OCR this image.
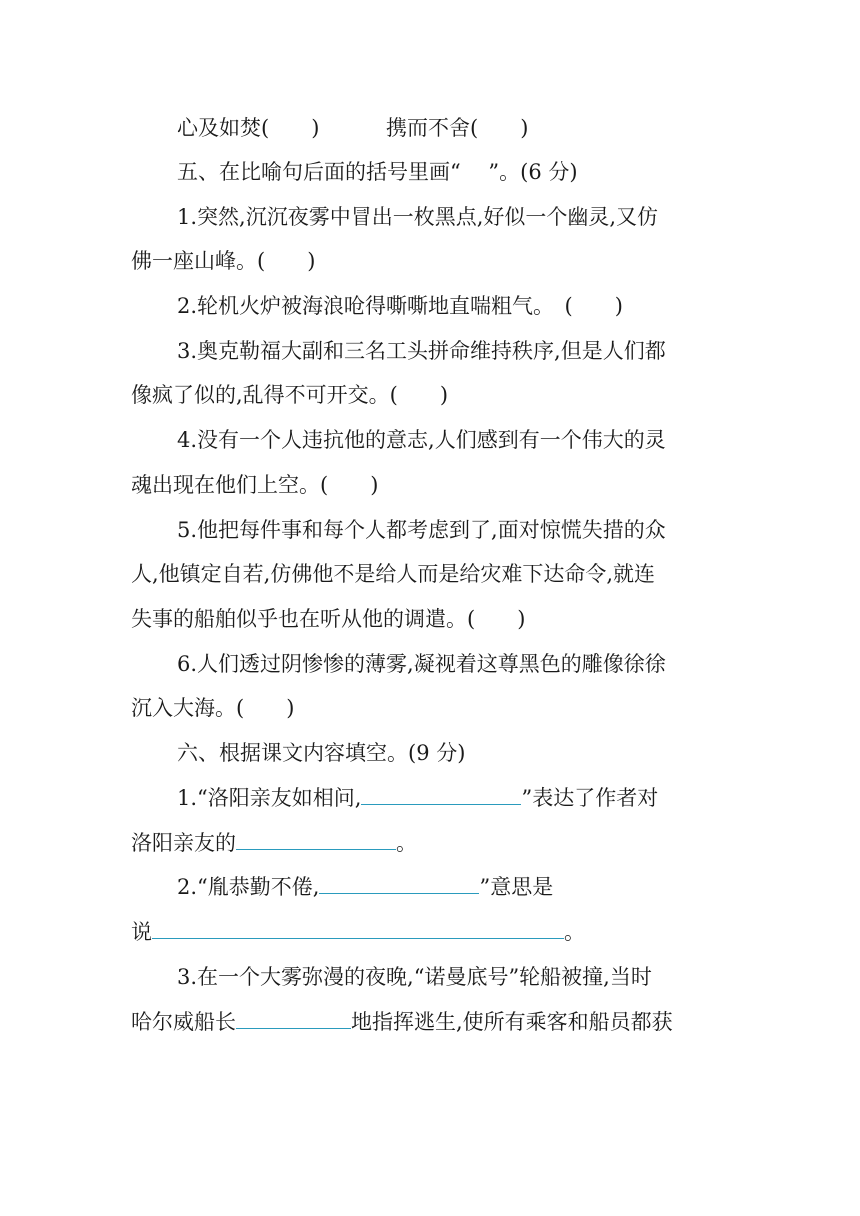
心及如焚(　　)	携而不舍(　　)
五、在比喻句后面的括号里画“　 ”。(6 分)
1.突然,沉沉夜雾中冒出一枚黑点,好似一个幽灵,又仿
佛一座山峰。(　　)
2.轮机火炉被海浪呛得嘶嘶地直喘粗气。　(　　)
3.奥克勒福大副和三名工头拼命维持秩序,但是人们都
像疯了似的,乱得不可开交。(　　)
4.没有一个人违抗他的意志,人们感到有一个伟大的灵
魂出现在他们上空。(　　)
5.他把每件事和每个人都考虑到了,面对惊慌失措的众
人,他镇定自若,仿佛他不是给人而是给灾难下达命令,就连
失事的船舶似乎也在听从他的调遣。(　　)
6.人们透过阴惨惨的薄雾,凝视着这尊黑色的雕像徐徐
沉入大海。(　　)
六、根据课文内容填空。(9 分)
1.“洛阳亲友如相问,	”表达了作者对
洛阳亲友的	。
2.“胤恭勤不倦,	”意思是
说	。
3.在一个大雾弥漫的夜晚,“诺曼底号”轮船被撞,当时
哈尔威船长	地指挥逃生,使所有乘客和船员都获
